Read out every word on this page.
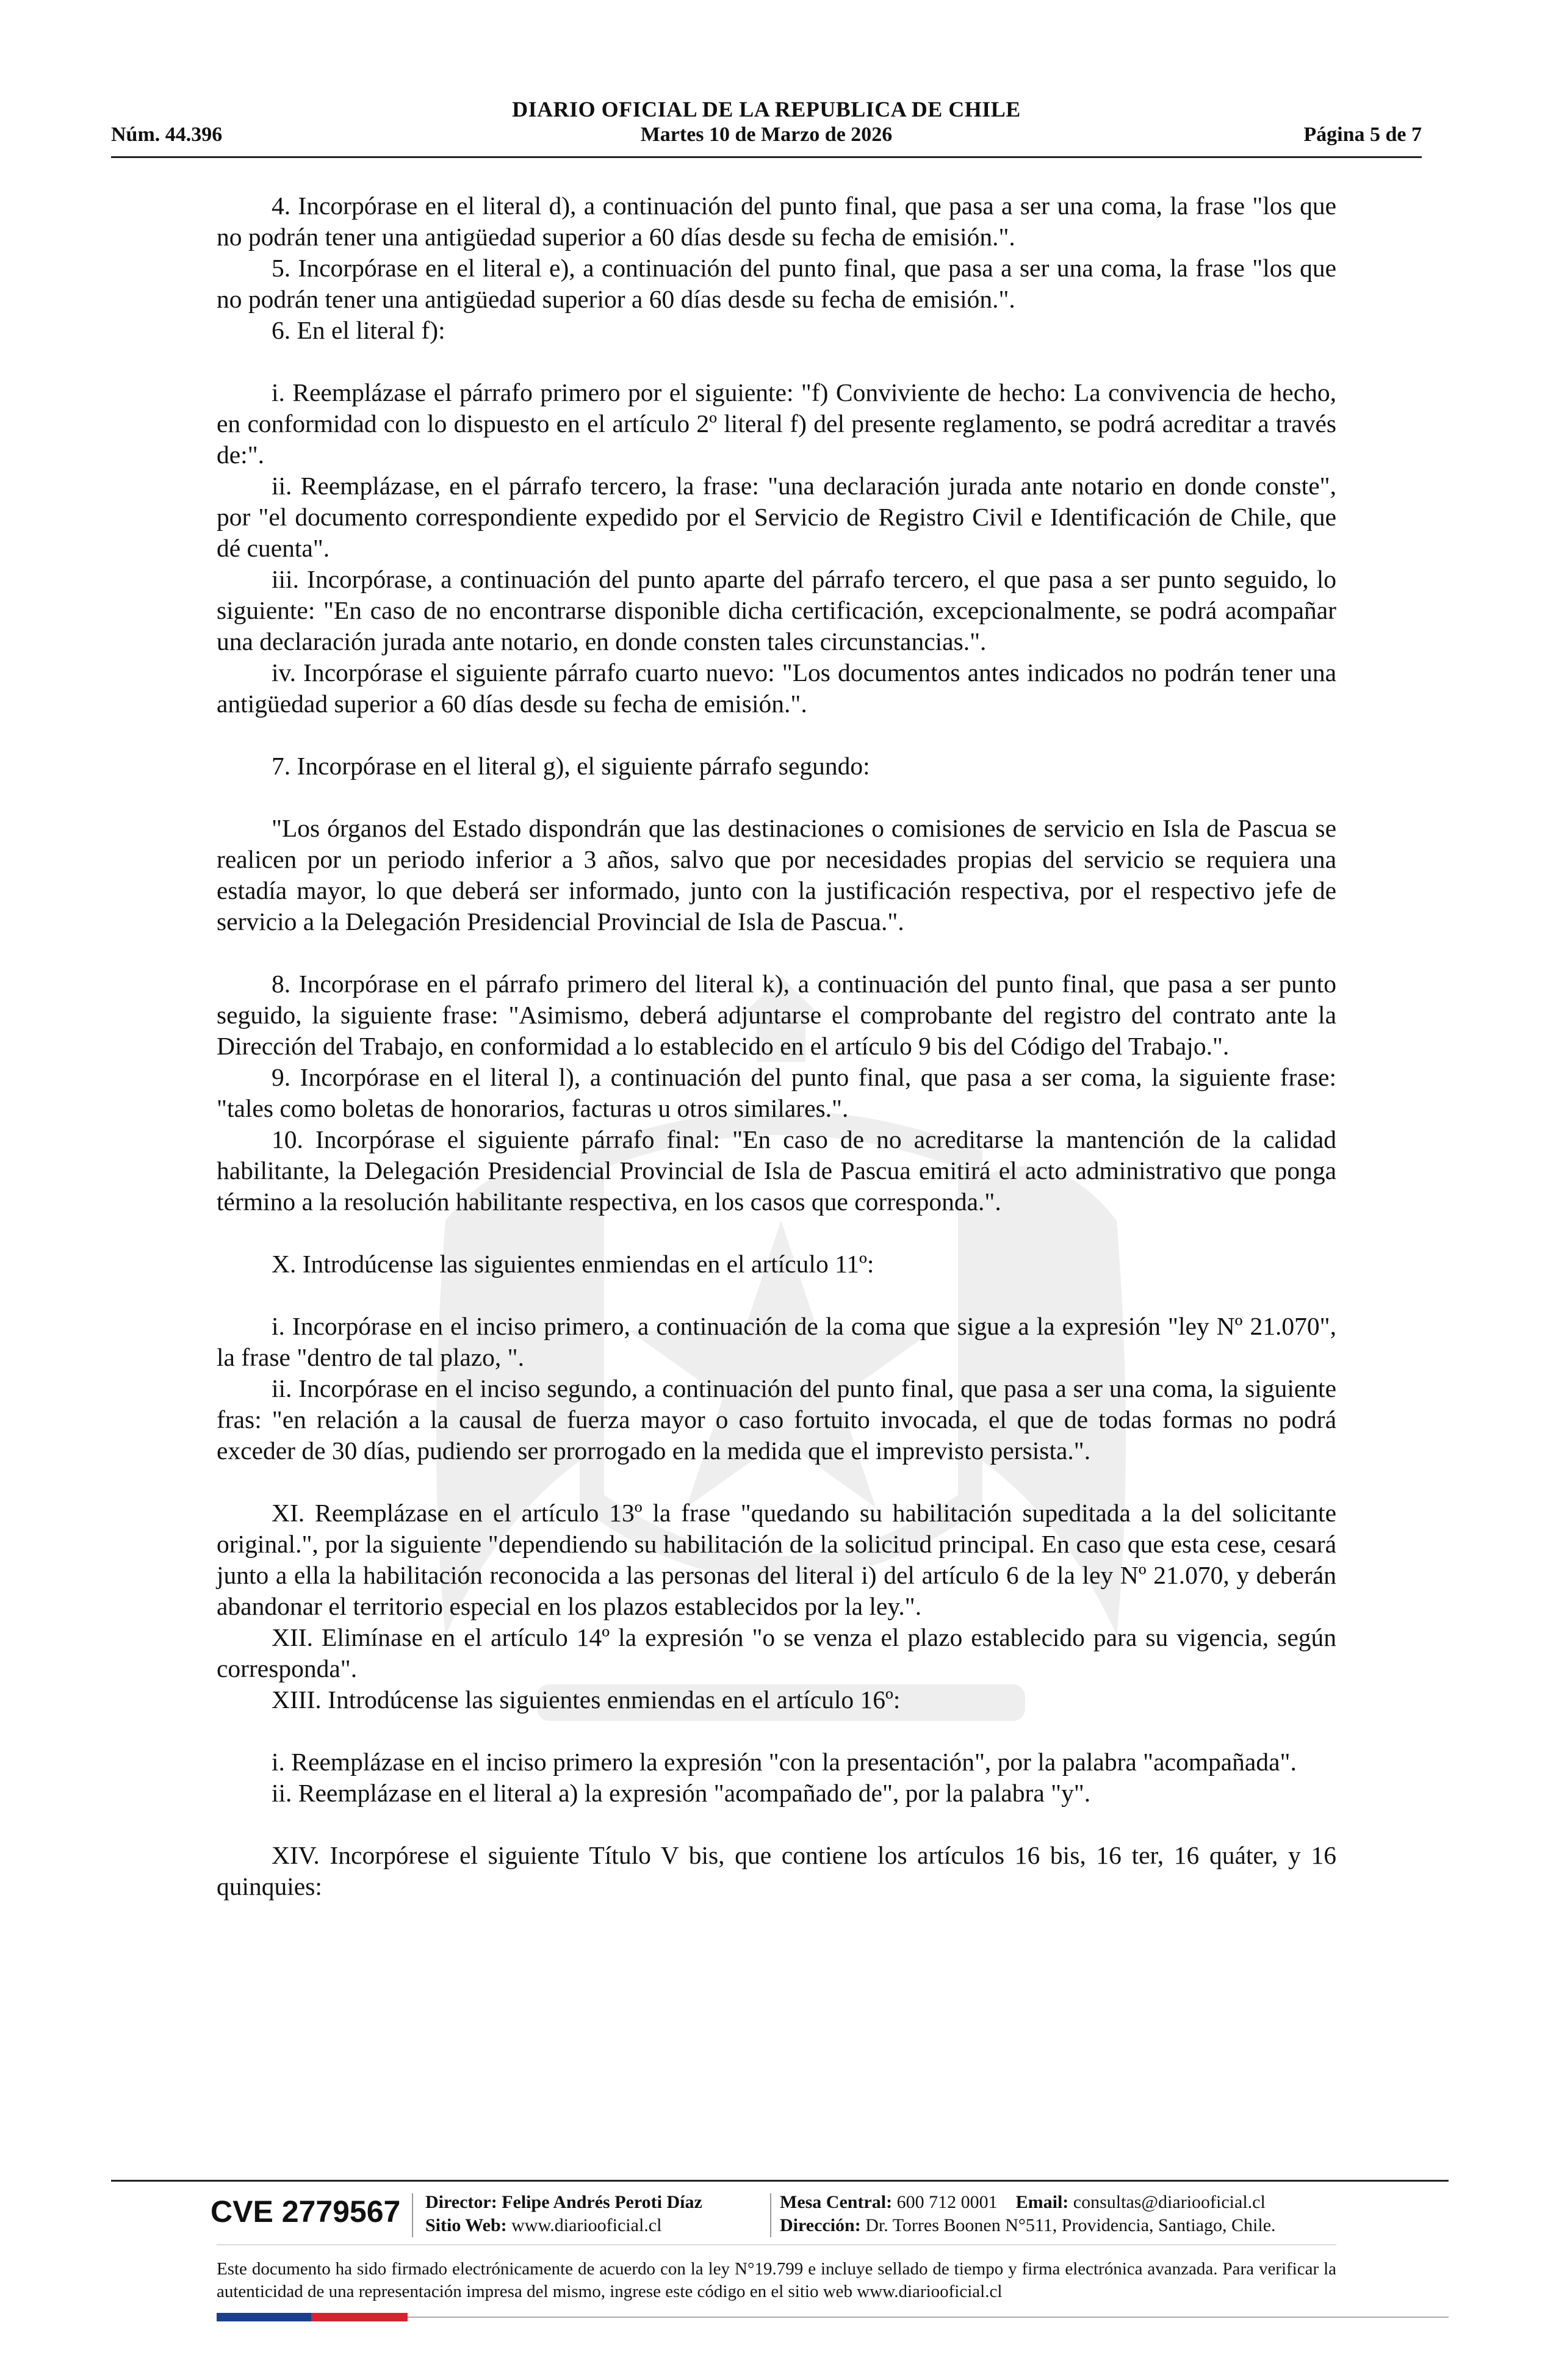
DIARIO OFICIAL DE LA REPUBLICA DE CHILE
Martes 10 de Marzo de 2026
Núm. 44.396	Página 5 de 7

4. Incorpórase en el literal d), a continuación del punto final, que pasa a ser una coma, la frase "los que no podrán tener una antigüedad superior a 60 días desde su fecha de emisión.".

5. Incorpórase en el literal e), a continuación del punto final, que pasa a ser una coma, la frase "los que no podrán tener una antigüedad superior a 60 días desde su fecha de emisión.".

6. En el literal f):

i. Reemplázase el párrafo primero por el siguiente: "f) Conviviente de hecho: La convivencia de hecho, en conformidad con lo dispuesto en el artículo 2º literal f) del presente reglamento, se podrá acreditar a través de:".

ii. Reemplázase, en el párrafo tercero, la frase: "una declaración jurada ante notario en donde conste", por "el documento correspondiente expedido por el Servicio de Registro Civil e Identificación de Chile, que dé cuenta".

iii. Incorpórase, a continuación del punto aparte del párrafo tercero, el que pasa a ser punto seguido, lo siguiente: "En caso de no encontrarse disponible dicha certificación, excepcionalmente, se podrá acompañar una declaración jurada ante notario, en donde consten tales circunstancias.".

iv. Incorpórase el siguiente párrafo cuarto nuevo: "Los documentos antes indicados no podrán tener una antigüedad superior a 60 días desde su fecha de emisión.".

7. Incorpórase en el literal g), el siguiente párrafo segundo:

"Los órganos del Estado dispondrán que las destinaciones o comisiones de servicio en Isla de Pascua se realicen por un periodo inferior a 3 años, salvo que por necesidades propias del servicio se requiera una estadía mayor, lo que deberá ser informado, junto con la justificación respectiva, por el respectivo jefe de servicio a la Delegación Presidencial Provincial de Isla de Pascua.".

8. Incorpórase en el párrafo primero del literal k), a continuación del punto final, que pasa a ser punto seguido, la siguiente frase: "Asimismo, deberá adjuntarse el comprobante del registro del contrato ante la Dirección del Trabajo, en conformidad a lo establecido en el artículo 9 bis del Código del Trabajo.".

9. Incorpórase en el literal l), a continuación del punto final, que pasa a ser coma, la siguiente frase: "tales como boletas de honorarios, facturas u otros similares.".

10. Incorpórase el siguiente párrafo final: "En caso de no acreditarse la mantención de la calidad habilitante, la Delegación Presidencial Provincial de Isla de Pascua emitirá el acto administrativo que ponga término a la resolución habilitante respectiva, en los casos que corresponda.".

X. Introdúcense las siguientes enmiendas en el artículo 11º:

i. Incorpórase en el inciso primero, a continuación de la coma que sigue a la expresión "ley Nº 21.070", la frase "dentro de tal plazo, ".

ii. Incorpórase en el inciso segundo, a continuación del punto final, que pasa a ser una coma, la siguiente fras: "en relación a la causal de fuerza mayor o caso fortuito invocada, el que de todas formas no podrá exceder de 30 días, pudiendo ser prorrogado en la medida que el imprevisto persista.".

XI. Reemplázase en el artículo 13º la frase "quedando su habilitación supeditada a la del solicitante original.", por la siguiente "dependiendo su habilitación de la solicitud principal. En caso que esta cese, cesará junto a ella la habilitación reconocida a las personas del literal i) del artículo 6 de la ley Nº 21.070, y deberán abandonar el territorio especial en los plazos establecidos por la ley.".

XII. Elimínase en el artículo 14º la expresión "o se venza el plazo establecido para su vigencia, según corresponda".

XIII. Introdúcense las siguientes enmiendas en el artículo 16º:

i. Reemplázase en el inciso primero la expresión "con la presentación", por la palabra "acompañada".

ii. Reemplázase en el literal a) la expresión "acompañado de", por la palabra "y".

XIV. Incorpórese el siguiente Título V bis, que contiene los artículos 16 bis, 16 ter, 16 quáter, y 16 quinquies:

CVE 2779567 Director: Felipe Andrés Peroti Díaz
Sitio Web: www.diariooficial.cl
Mesa Central: 600 712 0001 Email: consultas@diariooficial.cl
Dirección: Dr. Torres Boonen N°511, Providencia, Santiago, Chile.
Este documento ha sido firmado electrónicamente de acuerdo con la ley N°19.799 e incluye sellado de tiempo y firma electrónica avanzada. Para verificar la autenticidad de una representación impresa del mismo, ingrese este código en el sitio web www.diariooficial.cl
